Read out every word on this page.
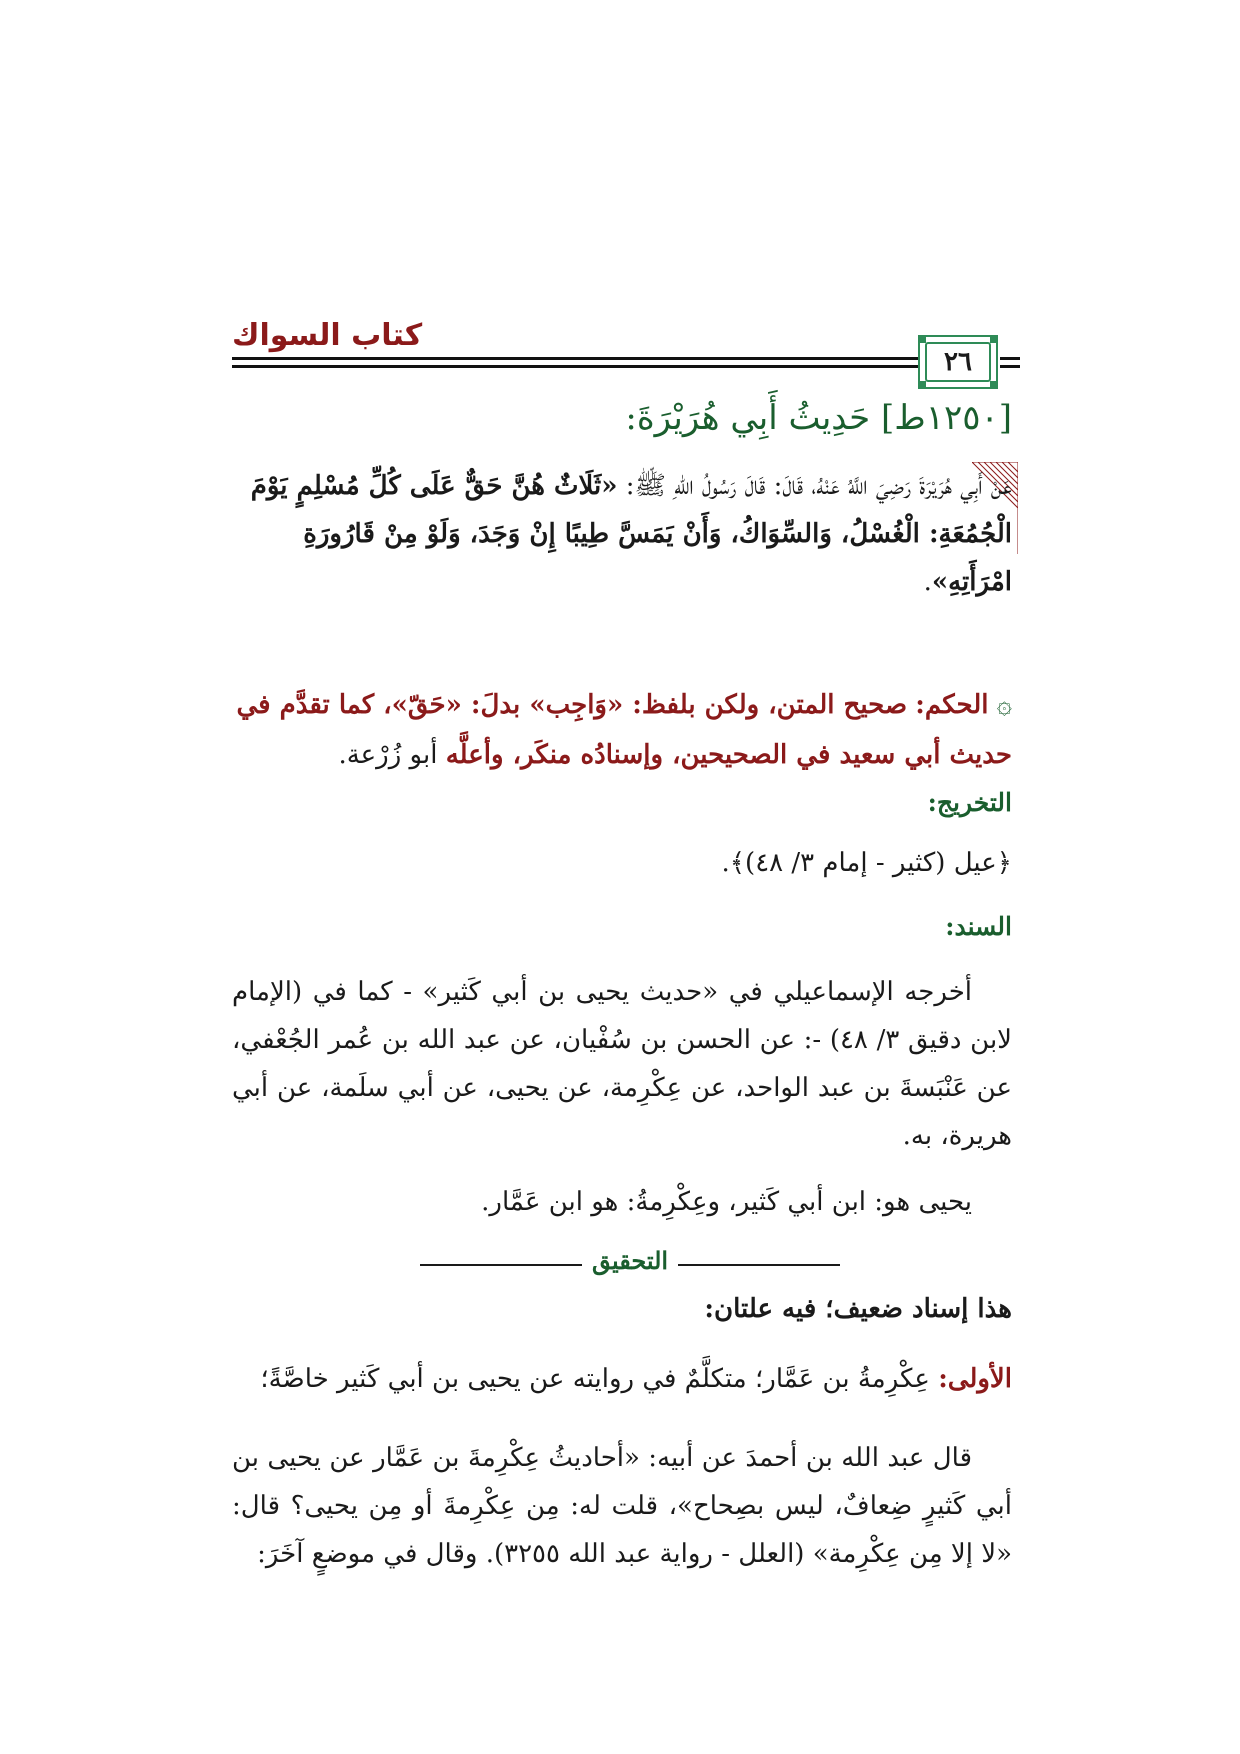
كتاب السواك
٢٦
[١٢٥٠ط] حَدِيثُ أَبِي هُرَيْرَةَ:
عَنْ أَبِي هُرَيْرَةَ رَضِيَ اللَّهُ عَنْهُ، قَالَ: قَالَ رَسُولُ اللهِ ﷺ: «ثَلَاثٌ هُنَّ حَقٌّ عَلَى كُلِّ مُسْلِمٍ يَوْمَ الْجُمُعَةِ: الْغُسْلُ، وَالسِّوَاكُ، وَأَنْ يَمَسَّ طِيبًا إِنْ وَجَدَ، وَلَوْ مِنْ قَارُورَةِ امْرَأَتِهِ».
۞ الحكم: صحيح المتن، ولكن بلفظ: «وَاجِب» بدلَ: «حَقّ»، كما تقدَّم في حديث أبي سعيد في الصحيحين، وإسنادُه منكَر، وأعلَّه أبو زُرْعة.
التخريج:
﴿عيل (كثير - إمام ٣/ ٤٨)﴾.
السند:
أخرجه الإسماعيلي في «حديث يحيى بن أبي كَثير» - كما في (الإمام لابن دقيق ٣/ ٤٨) -: عن الحسن بن سُفْيان، عن عبد الله بن عُمر الجُعْفي، عن عَنْبَسةَ بن عبد الواحد، عن عِكْرِمة، عن يحيى، عن أبي سلَمة، عن أبي هريرة، به.
يحيى هو: ابن أبي كَثير، وعِكْرِمةُ: هو ابن عَمَّار.
التحقيق
هذا إسناد ضعيف؛ فيه علتان:
الأولى: عِكْرِمةُ بن عَمَّار؛ متكلَّمٌ في روايته عن يحيى بن أبي كَثير خاصَّةً؛
قال عبد الله بن أحمدَ عن أبيه: «أحاديثُ عِكْرِمةَ بن عَمَّار عن يحيى بن أبي كَثيرٍ ضِعافٌ، ليس بصِحاح»، قلت له: مِن عِكْرِمةَ أو مِن يحيى؟ قال: «لا إلا مِن عِكْرِمة» (العلل - رواية عبد الله ٣٢٥٥). وقال في موضعٍ آخَرَ:
